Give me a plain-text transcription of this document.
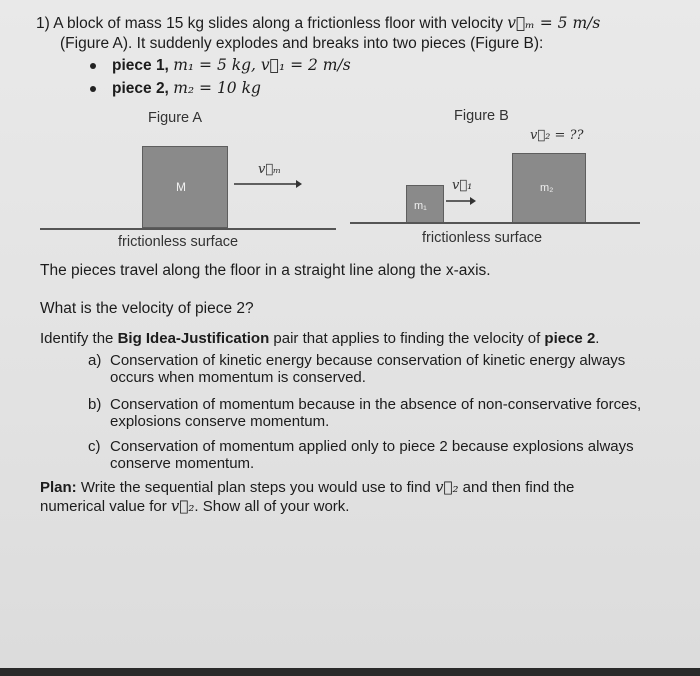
1) A block of mass 15 kg slides along a frictionless floor with velocity v⃗ₘ = 5 m/s
(Figure A). It suddenly explodes and breaks into two pieces (Figure B):
piece 1, m₁ = 5 kg, v⃗₁ = 2 m/s
piece 2, m₂ = 10 kg
Figure A
M
v⃗ₘ
frictionless surface
Figure B
v⃗₂ = ??
m₁
v⃗₁	m₂
frictionless surface
The pieces travel along the floor in a straight line along the x-axis.
What is the velocity of piece 2?
Identify the Big Idea-Justification pair that applies to finding the velocity of piece 2.
a) Conservation of kinetic energy because conservation of kinetic energy always occurs when momentum is conserved.
b) Conservation of momentum because in the absence of non-conservative forces, explosions conserve momentum.
c) Conservation of momentum applied only to piece 2 because explosions always conserve momentum.
Plan: Write the sequential plan steps you would use to find v⃗₂ and then find the
numerical value for v⃗₂. Show all of your work.
